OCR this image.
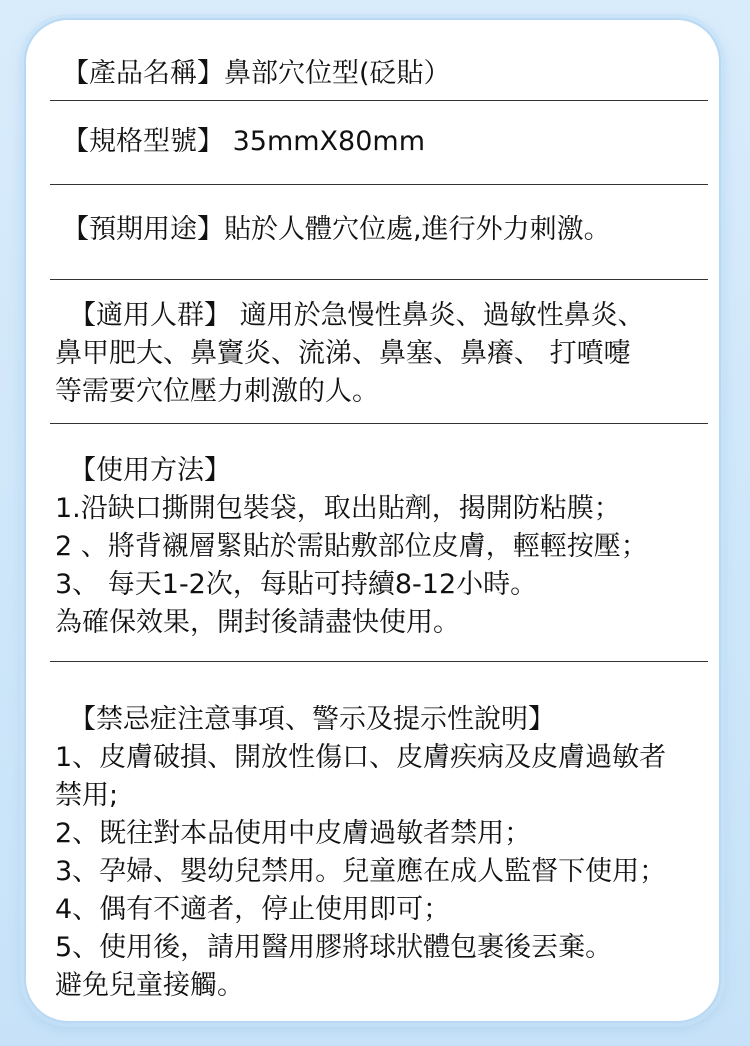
【產品名稱】鼻部穴位型(砭貼）
【規格型號】 35mmX80mm
【預期用途】貼於人體穴位處,進行外力刺激。
【適用人群】 適用於急慢性鼻炎、過敏性鼻炎、
鼻甲肥大、鼻竇炎、流涕、鼻塞、鼻癢、 打噴嚏
等需要穴位壓力刺激的人。
【使用方法】
1.沿缺口撕開包裝袋，取出貼劑，揭開防粘膜；
2 、將背襯層緊貼於需貼敷部位皮膚，輕輕按壓；
3、 每天1-2次，每貼可持續8-12小時。
為確保效果，開封後請盡快使用。
【禁忌症注意事項、警示及提示性說明】
1、皮膚破損、開放性傷口、皮膚疾病及皮膚過敏者
禁用;
2、既往對本品使用中皮膚過敏者禁用；
3、孕婦、嬰幼兒禁用。兒童應在成人監督下使用；
4、偶有不適者，停止使用即可；
5、使用後，請用醫用膠將球狀體包裹後丟棄。
避免兒童接觸。
